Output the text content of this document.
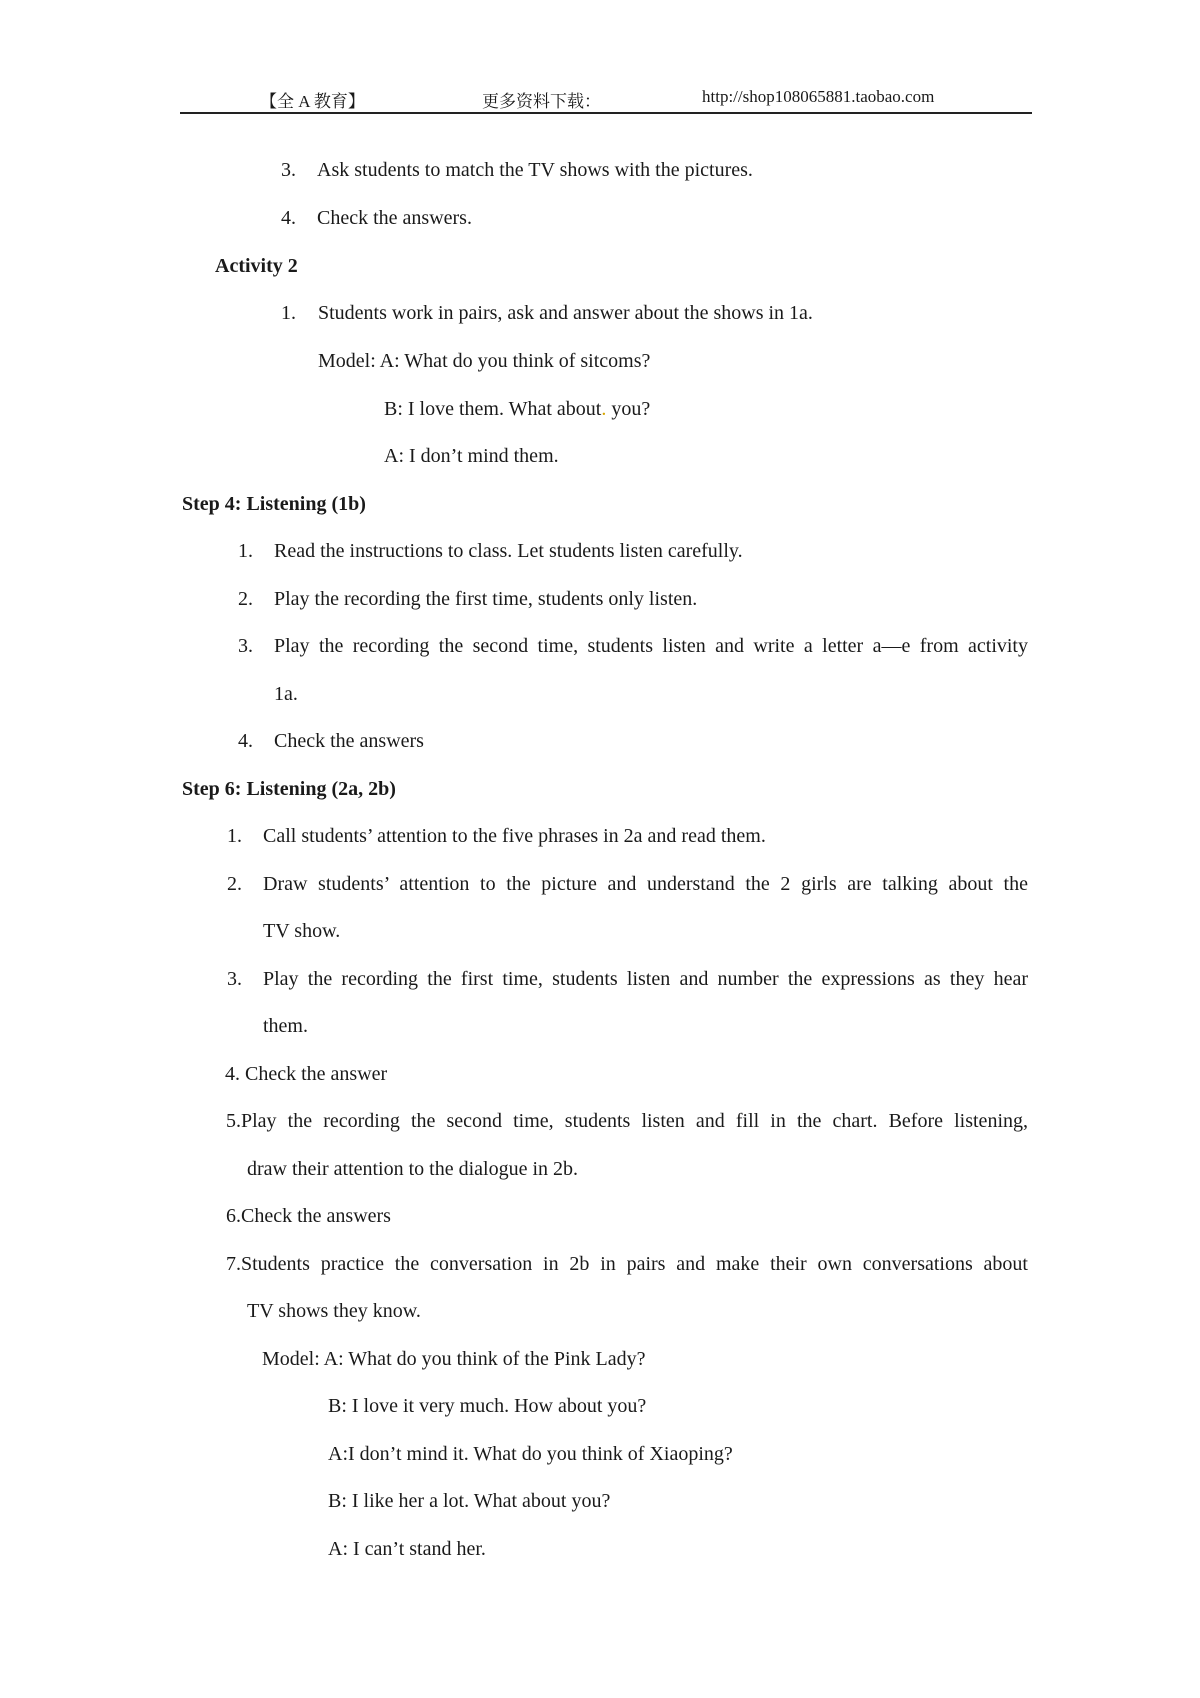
【全 A 教育】	更多资料下载：	http://shop108065881.taobao.com
3. Ask students to match the TV shows with the pictures.
4. Check the answers.
Activity 2
1. Students work in pairs, ask and answer about the shows in 1a.
Model: A: What do you think of sitcoms?
B: I love them. What about. you?
A: I don’t mind them.
Step 4: Listening (1b)
1. Read the instructions to class. Let students listen carefully.
2. Play the recording the first time, students only listen.
3. Play the recording the second time, students listen and write a letter a—e from activity
1a.
4. Check the answers
Step 6: Listening (2a, 2b)
1. Call students’ attention to the five phrases in 2a and read them.
2. Draw students’ attention to the picture and understand the 2 girls are talking about the
TV show.
3. Play the recording the first time, students listen and number the expressions as they hear
them.
4. Check the answer
5.Play the recording the second time, students listen and fill in the chart. Before listening,
draw their attention to the dialogue in 2b.
6.Check the answers
7.Students practice the conversation in 2b in pairs and make their own conversations about
TV shows they know.
Model: A: What do you think of the Pink Lady?
B: I love it very much. How about you?
A:I don’t mind it. What do you think of Xiaoping?
B: I like her a lot. What about you?
A: I can’t stand her.
